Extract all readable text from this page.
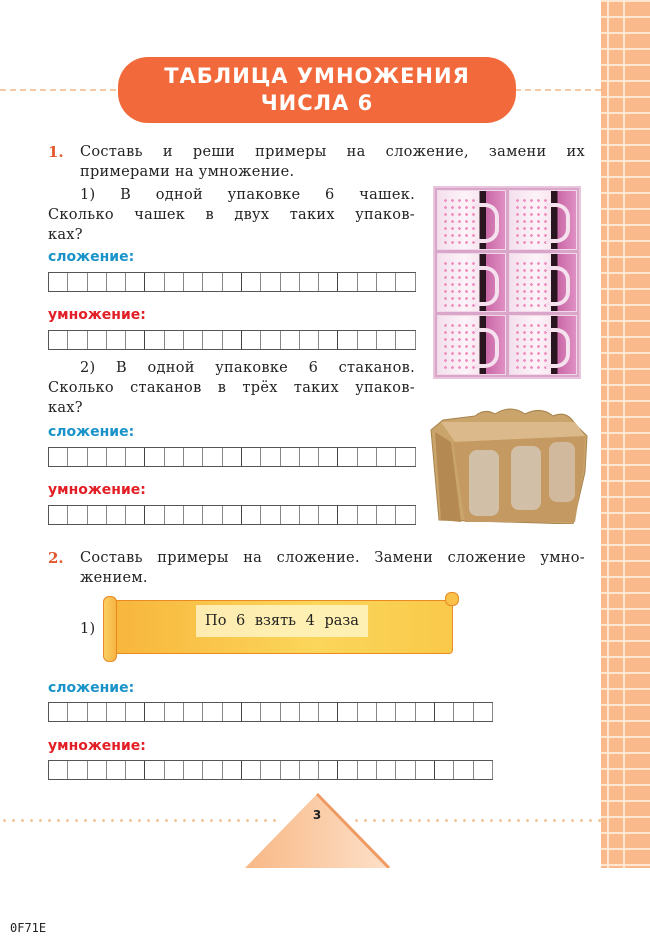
ТАБЛИЦА УМНОЖЕНИЯ
ЧИСЛА 6
1. Составь и реши примеры на сложение, замени их
примерами на умножение.
1) В одной упаковке 6 чашек.
Сколько чашек в двух таких упаков-
ках?
сложение:
умножение:
2) В одной упаковке 6 стаканов.
Сколько стаканов в трёх таких упаков-
ках?
сложение:
умножение:
2. Составь примеры на сложение. Замени сложение умно-
жением.
1)	По 6 взять 4 раза
сложение:
умножение:
3
0F71E
